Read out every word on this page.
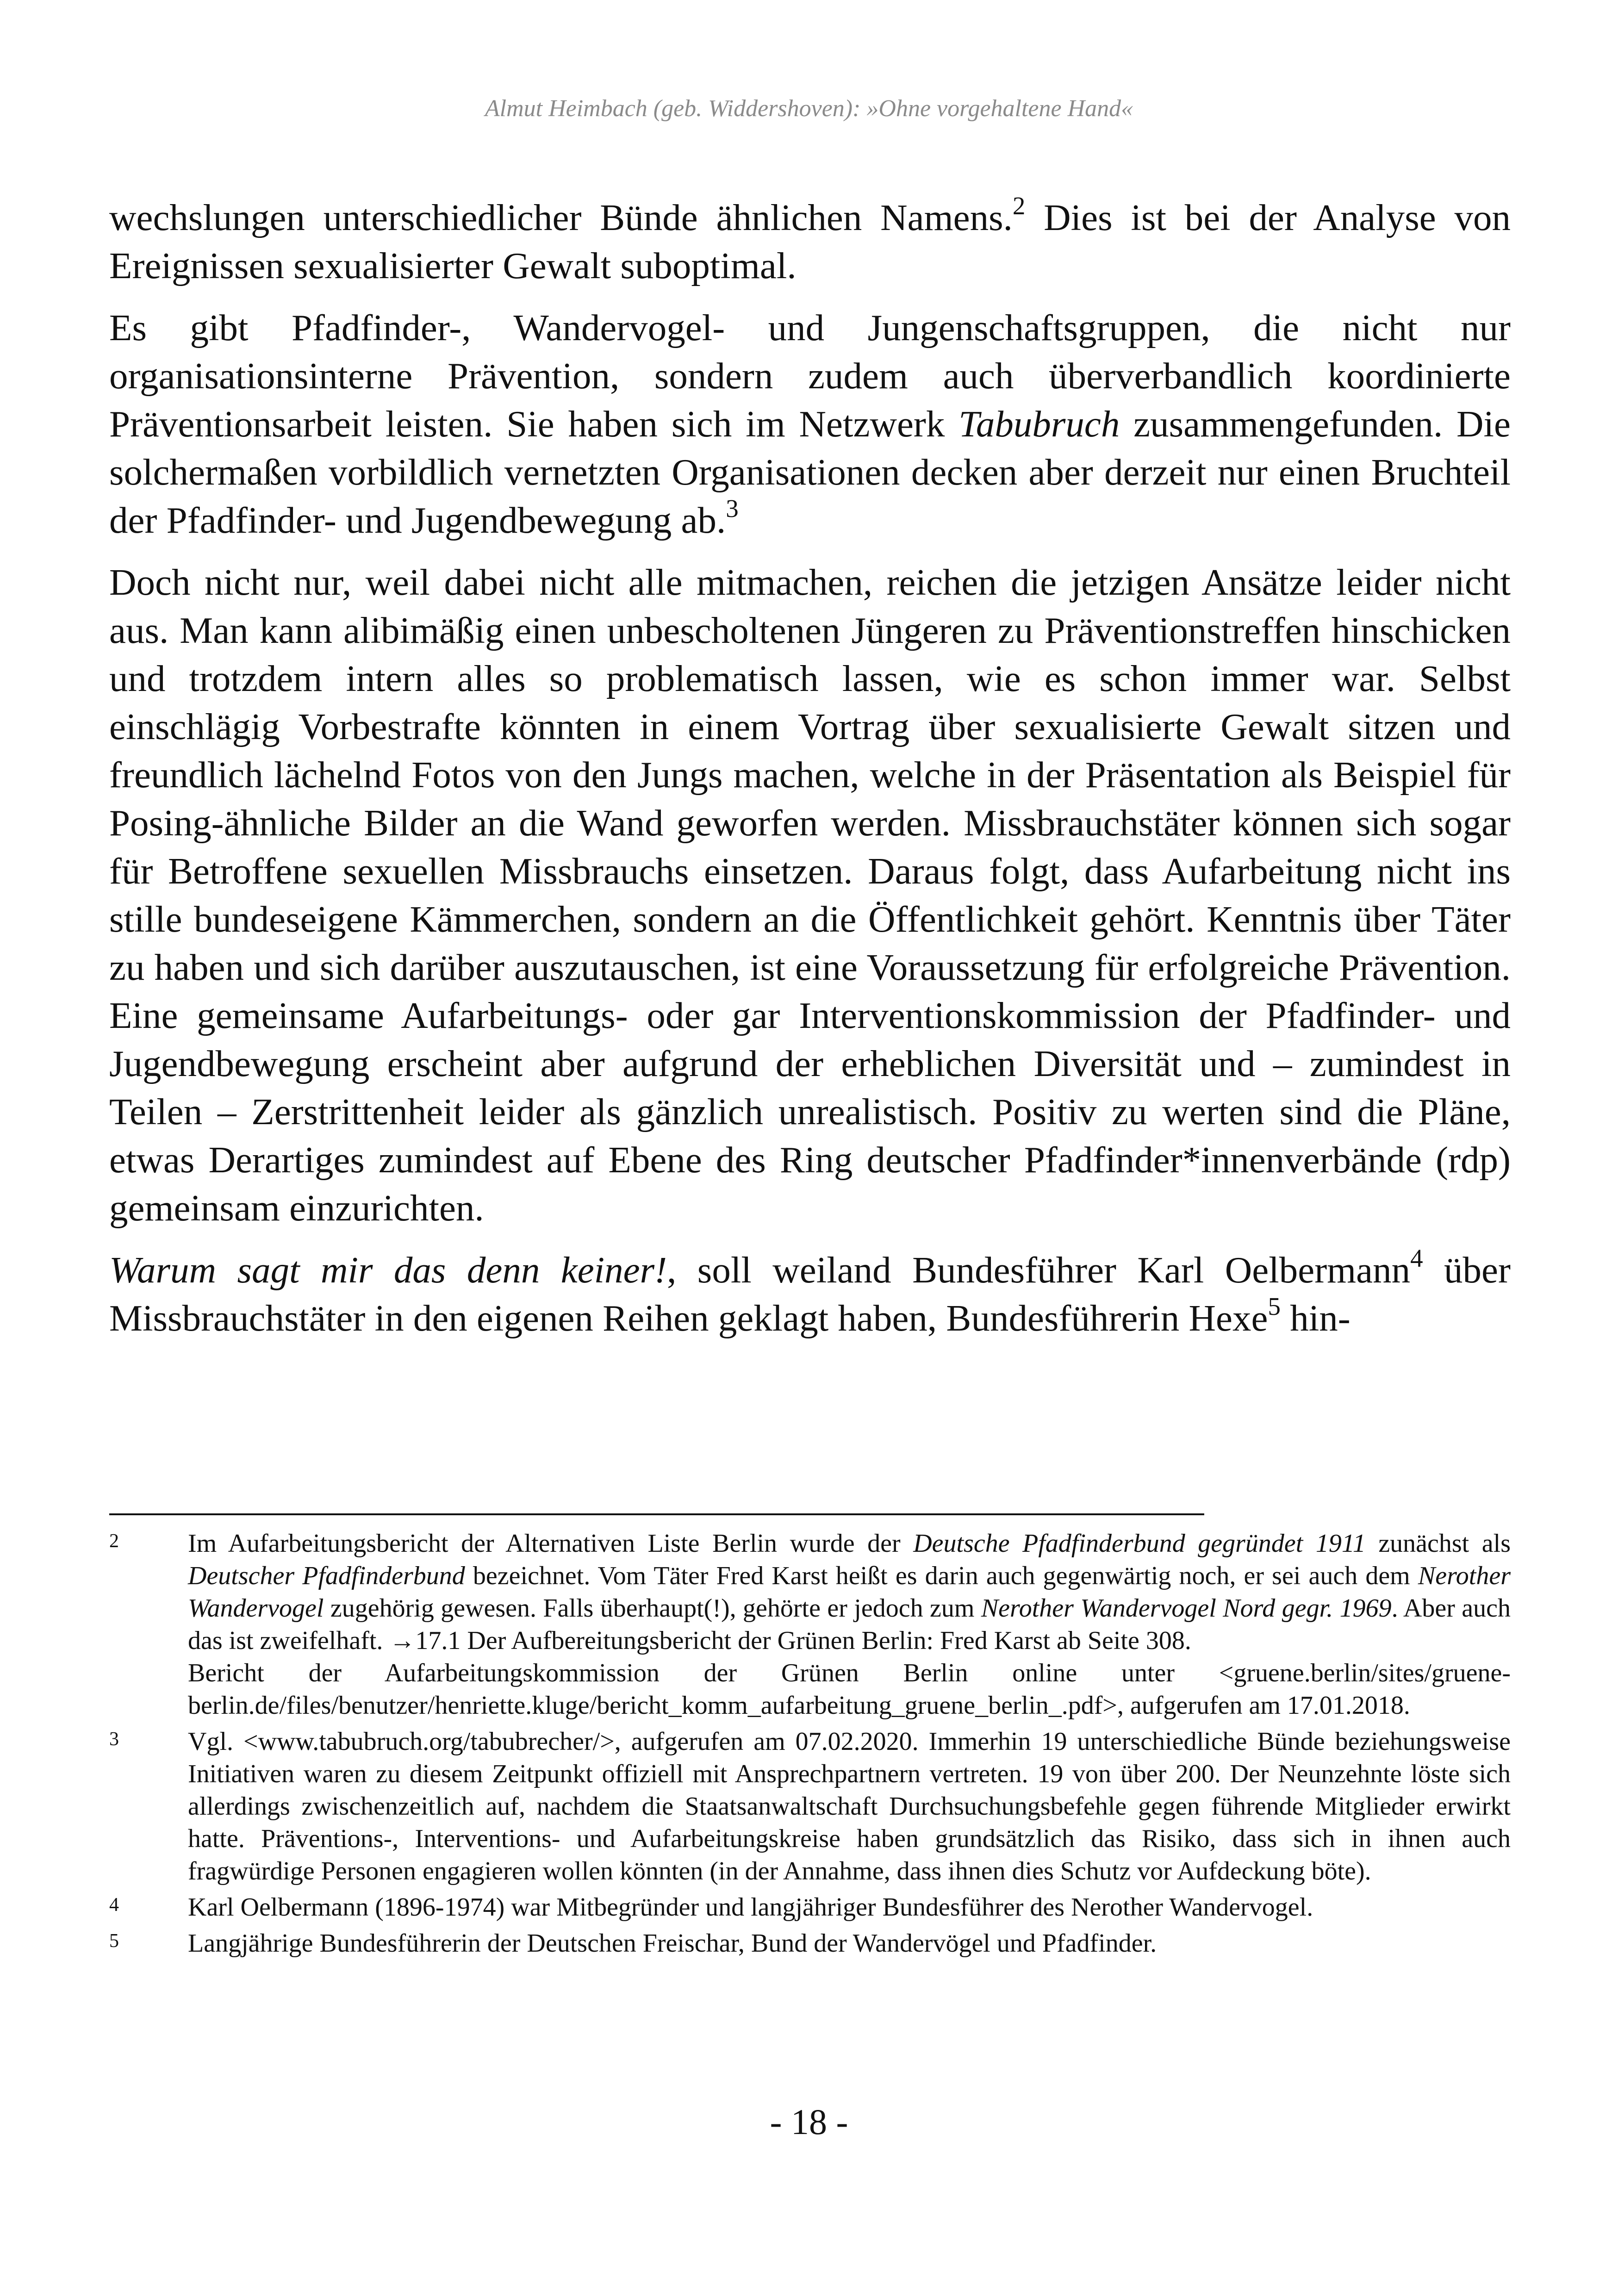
Almut Heimbach (geb. Widdershoven): »Ohne vorgehaltene Hand«

wechslungen unterschiedlicher Bünde ähnlichen Namens.$^2$ Dies ist bei der Analyse von Ereignissen sexualisierter Gewalt suboptimal.

Es gibt Pfadfinder-, Wandervogel- und Jungenschaftsgruppen, die nicht nur organisationsinterne Prävention, sondern zudem auch überverbandlich koordinierte Präventionsarbeit leisten. Sie haben sich im Netzwerk Tabubruch zusammengefunden. Die solchermaßen vorbildlich vernetzten Organisationen decken aber derzeit nur einen Bruchteil der Pfadfinder- und Jugendbewegung ab.$^3$

Doch nicht nur, weil dabei nicht alle mitmachen, reichen die jetzigen Ansätze leider nicht aus. Man kann alibimäßig einen unbescholtenen Jüngeren zu Präventionstreffen hinschicken und trotzdem intern alles so problematisch lassen, wie es schon immer war. Selbst einschlägig Vorbestrafte könnten in einem Vortrag über sexualisierte Gewalt sitzen und freundlich lächelnd Fotos von den Jungs machen, welche in der Präsentation als Beispiel für Posing-ähnliche Bilder an die Wand geworfen werden. Missbrauchstäter können sich sogar für Betroffene sexuellen Missbrauchs einsetzen. Daraus folgt, dass Aufarbeitung nicht ins stille bundeseigene Kämmerchen, sondern an die Öffentlichkeit gehört. Kenntnis über Täter zu haben und sich darüber auszutauschen, ist eine Voraussetzung für erfolgreiche Prävention. Eine gemeinsame Aufarbeitungs- oder gar Interventionskommission der Pfadfinder- und Jugendbewegung erscheint aber aufgrund der erheblichen Diversität und – zumindest in Teilen – Zerstrittenheit leider als gänzlich unrealistisch. Positiv zu werten sind die Pläne, etwas Derartiges zumindest auf Ebene des Ring deutscher Pfadfinder*innenverbände (rdp) gemeinsam einzurichten.

Warum sagt mir das denn keiner!, soll weiland Bundesführer Karl Oelbermann$^4$ über Missbrauchstäter in den eigenen Reihen geklagt haben, Bundesführerin Hexe$^5$ hin-

2	Im Aufarbeitungsbericht der Alternativen Liste Berlin wurde der Deutsche Pfadfinderbund gegründet 1911 zunächst als Deutscher Pfadfinderbund bezeichnet. Vom Täter Fred Karst heißt es darin auch gegenwärtig noch, er sei auch dem Nerother Wandervogel zugehörig gewesen. Falls überhaupt(!), gehörte er jedoch zum Nerother Wandervogel Nord gegr. 1969. Aber auch das ist zweifelhaft. →17.1 Der Aufbereitungsbericht der Grünen Berlin: Fred Karst ab Seite 308.

Bericht der Aufarbeitungskommission der Grünen Berlin online unter <gruene.berlin/sites/gruene-berlin.de/files/benutzer/henriette.kluge/bericht_komm_aufarbeitung_gruene_berlin_.pdf>, aufgerufen am 17.01.2018.

3	Vgl. <www.tabubruch.org/tabubrecher/>, aufgerufen am 07.02.2020. Immerhin 19 unterschiedliche Bünde beziehungsweise Initiativen waren zu diesem Zeitpunkt offiziell mit Ansprechpartnern vertreten. 19 von über 200. Der Neunzehnte löste sich allerdings zwischenzeitlich auf, nachdem die Staatsanwaltschaft Durchsuchungsbefehle gegen führende Mitglieder erwirkt hatte. Präventions-, Interventions- und Aufarbeitungskreise haben grundsätzlich das Risiko, dass sich in ihnen auch fragwürdige Personen engagieren wollen könnten (in der Annahme, dass ihnen dies Schutz vor Aufdeckung böte).
4	Karl Oelbermann (1896-1974) war Mitbegründer und langjähriger Bundesführer des Nerother Wandervogel.
5	Langjährige Bundesführerin der Deutschen Freischar, Bund der Wandervögel und Pfadfinder.
- 18 -
